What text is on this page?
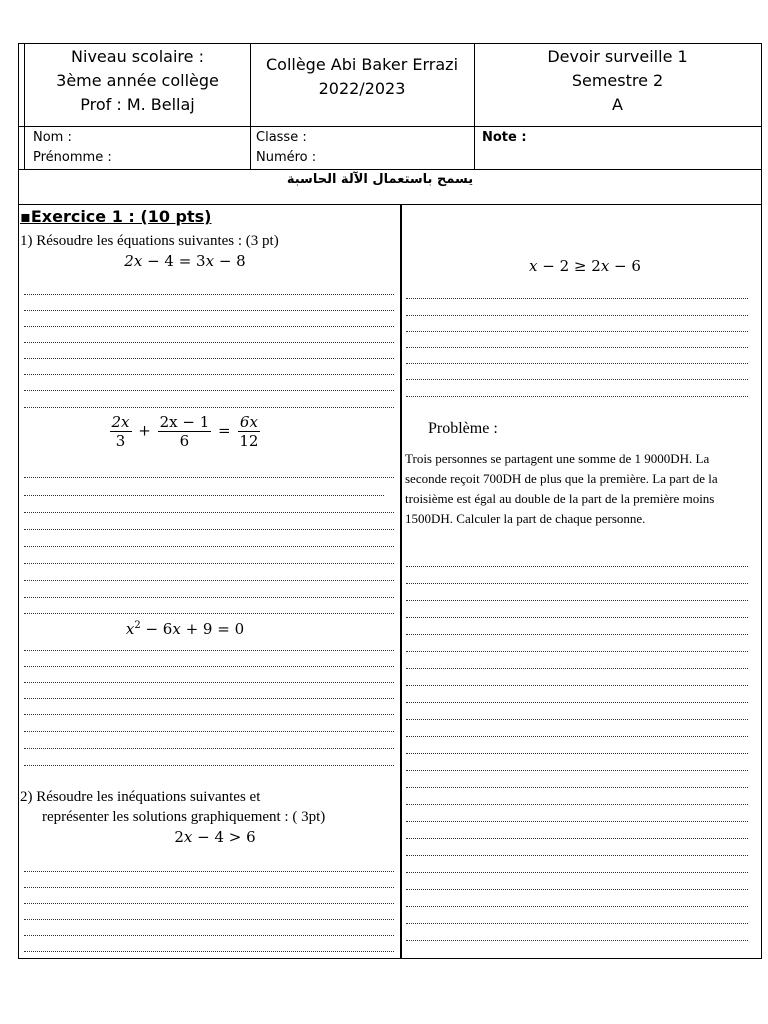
Niveau scolaire :
3ème année collège
Prof : M. Bellaj
Collège Abi Baker Errazi
2022/2023
Devoir surveille 1
Semestre 2
A
Nom :
Prénomme :
Classe :
Numéro :
Note :
يسمح باستعمال الآلة الحاسبة
▪Exercice 1 : (10 pts)
1) Résoudre les équations suivantes : (3 pt)
2x − 4 = 3x − 8
$\frac{2x}{3} + \frac{2x - 1}{6} = \frac{6x}{12}$
$x^2 - 6x + 9 = 0$
2) Résoudre les inéquations suivantes et
représenter les solutions graphiquement : ( 3pt)
2x − 4 > 6
x − 2 ≥ 2x − 6
Problème :
Trois personnes se partagent une somme de 1 9000DH. La seconde reçoit 700DH de plus que la première. La part de la troisième est égal au double de la part de la première moins 1500DH. Calculer la part de chaque personne.
